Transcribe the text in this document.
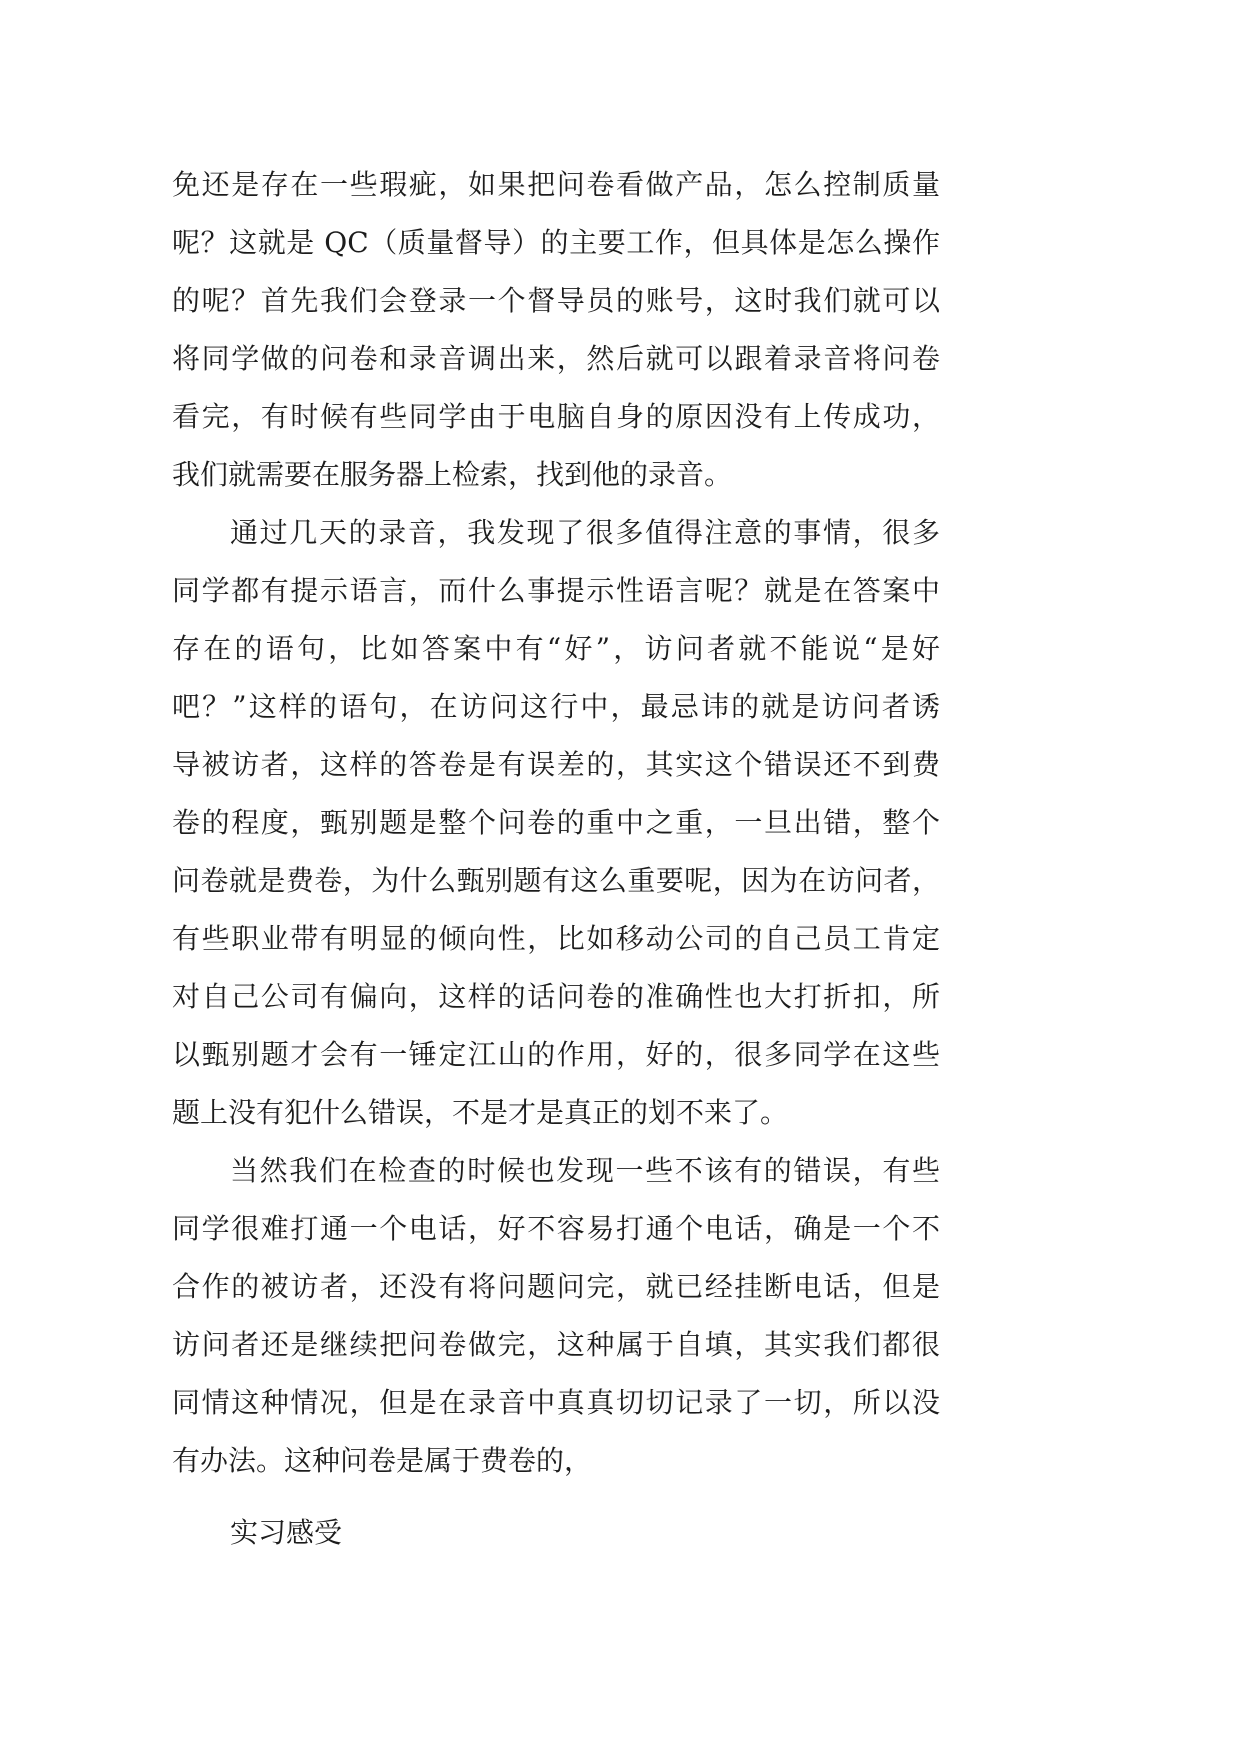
免还是存在一些瑕疵，如果把问卷看做产品，怎么控制质量
呢？这就是 QC（质量督导）的主要工作，但具体是怎么操作
的呢？首先我们会登录一个督导员的账号，这时我们就可以
将同学做的问卷和录音调出来，然后就可以跟着录音将问卷
看完，有时候有些同学由于电脑自身的原因没有上传成功，
我们就需要在服务器上检索，找到他的录音。
通过几天的录音，我发现了很多值得注意的事情，很多
同学都有提示语言，而什么事提示性语言呢？就是在答案中
存在的语句，比如答案中有“好”，访问者就不能说“是好
吧？”这样的语句，在访问这行中，最忌讳的就是访问者诱
导被访者，这样的答卷是有误差的，其实这个错误还不到费
卷的程度，甄别题是整个问卷的重中之重，一旦出错，整个
问卷就是费卷，为什么甄别题有这么重要呢，因为在访问者，
有些职业带有明显的倾向性，比如移动公司的自己员工肯定
对自己公司有偏向，这样的话问卷的准确性也大打折扣，所
以甄别题才会有一锤定江山的作用，好的，很多同学在这些
题上没有犯什么错误，不是才是真正的划不来了。
当然我们在检查的时候也发现一些不该有的错误，有些
同学很难打通一个电话，好不容易打通个电话，确是一个不
合作的被访者，还没有将问题问完，就已经挂断电话，但是
访问者还是继续把问卷做完，这种属于自填，其实我们都很
同情这种情况，但是在录音中真真切切记录了一切，所以没
有办法。这种问卷是属于费卷的，
实习感受
